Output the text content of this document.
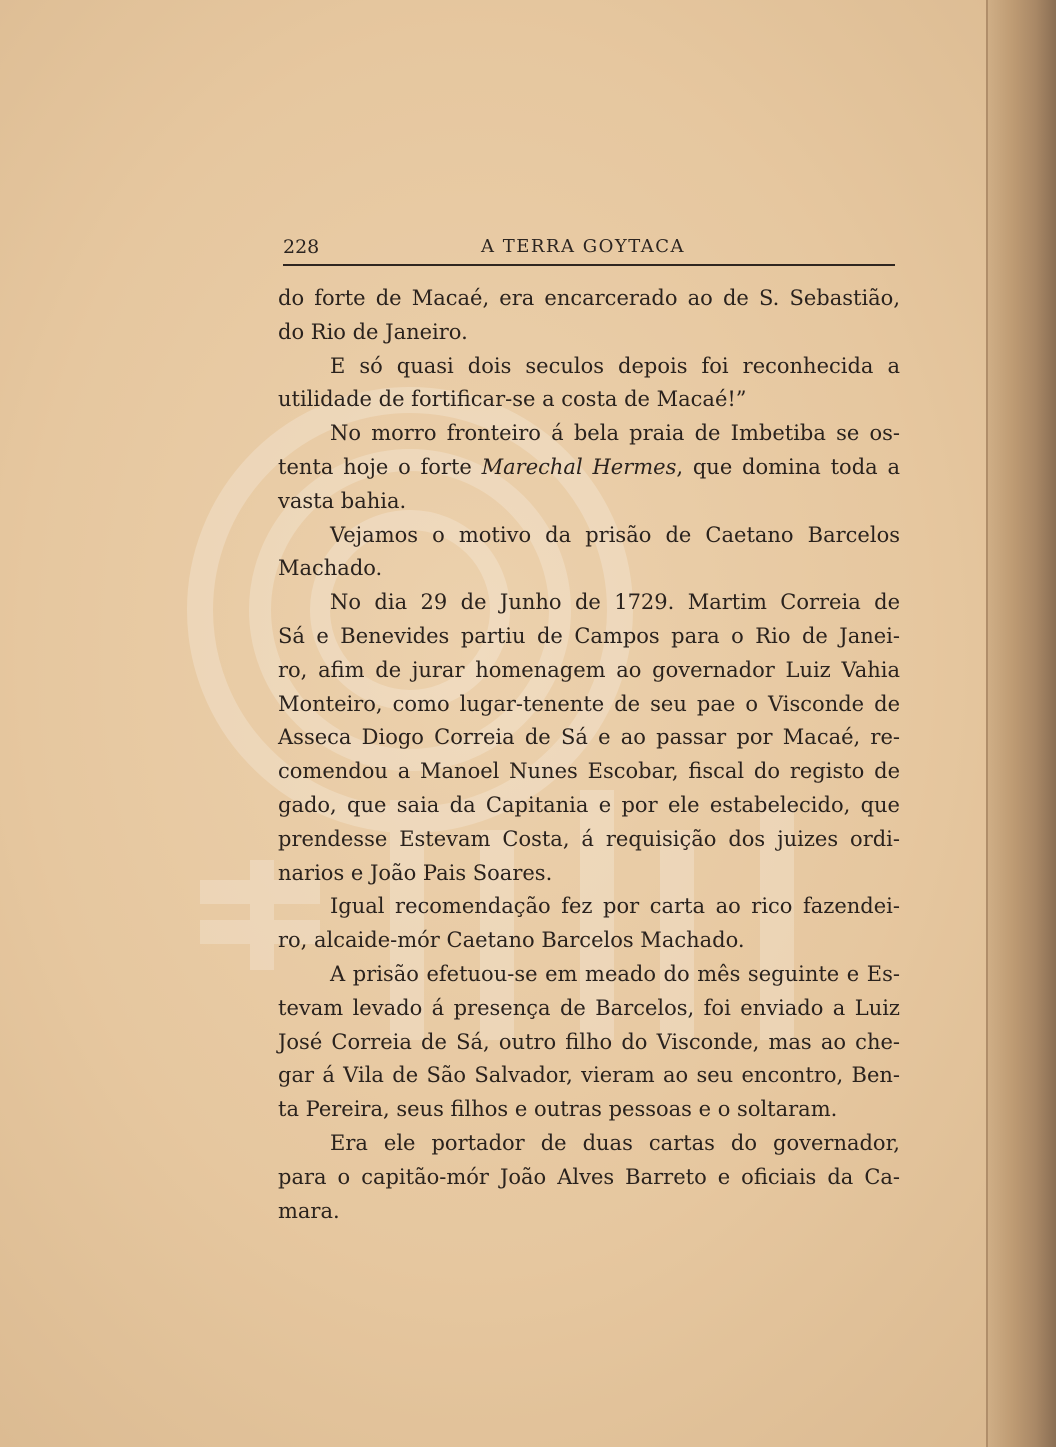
228	A TERRA GOYTACA

do forte de Macaé, era encarcerado ao de S. Sebastião,
do Rio de Janeiro.

E só quasi dois seculos depois foi reconhecida a
utilidade de fortificar-se a costa de Macaé!”

No morro fronteiro á bela praia de Imbetiba se os-
tenta hoje o forte Marechal Hermes, que domina toda a
vasta bahia.

Vejamos o motivo da prisão de Caetano Barcelos
Machado.

No dia 29 de Junho de 1729. Martim Correia de
Sá e Benevides partiu de Campos para o Rio de Janei-
ro, afim de jurar homenagem ao governador Luiz Vahia
Monteiro, como lugar-tenente de seu pae o Visconde de
Asseca Diogo Correia de Sá e ao passar por Macaé, re-
comendou a Manoel Nunes Escobar, fiscal do registo de
gado, que saia da Capitania e por ele estabelecido, que
prendesse Estevam Costa, á requisição dos juizes ordi-
narios e João Pais Soares.

Igual recomendação fez por carta ao rico fazendei-
ro, alcaide-mór Caetano Barcelos Machado.

A prisão efetuou-se em meado do mês seguinte e Es-
tevam levado á presença de Barcelos, foi enviado a Luiz
José Correia de Sá, outro filho do Visconde, mas ao che-
gar á Vila de São Salvador, vieram ao seu encontro, Ben-
ta Pereira, seus filhos e outras pessoas e o soltaram.

Era ele portador de duas cartas do governador,
para o capitão-mór João Alves Barreto e oficiais da Ca-
mara.
